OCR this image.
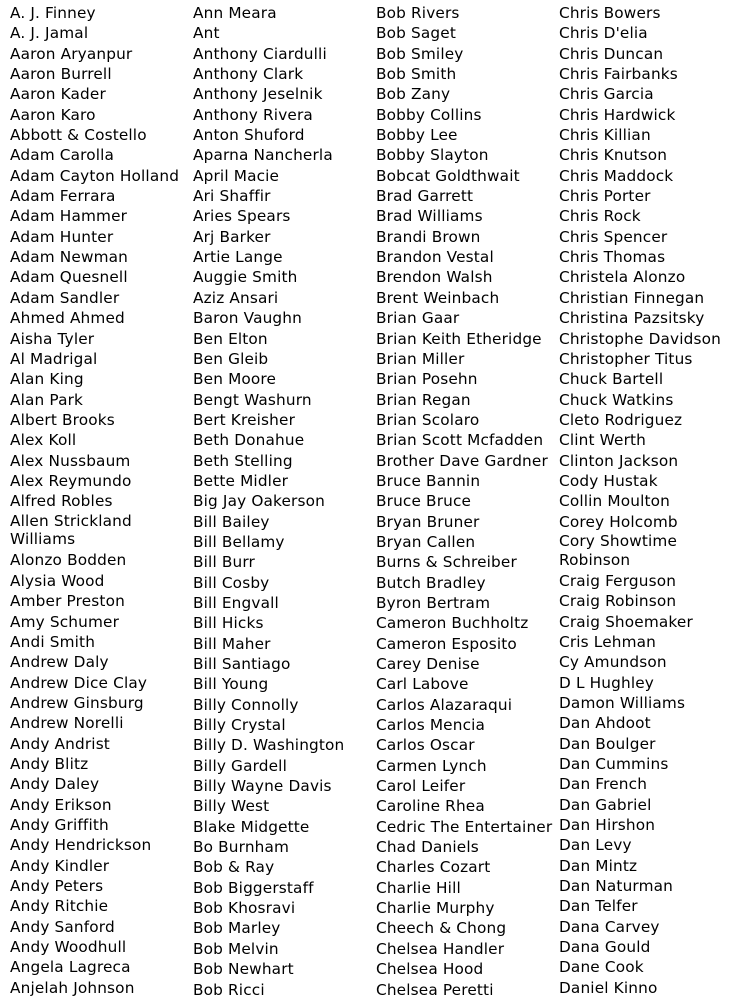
A. J. Finney
A. J. Jamal
Aaron Aryanpur
Aaron Burrell
Aaron Kader
Aaron Karo
Abbott & Costello
Adam Carolla
Adam Cayton Holland
Adam Ferrara
Adam Hammer
Adam Hunter
Adam Newman
Adam Quesnell
Adam Sandler
Ahmed Ahmed
Aisha Tyler
Al Madrigal
Alan King
Alan Park
Albert Brooks
Alex Koll
Alex Nussbaum
Alex Reymundo
Alfred Robles
Allen Strickland Williams
Alonzo Bodden
Alysia Wood
Amber Preston
Amy Schumer
Andi Smith
Andrew Daly
Andrew Dice Clay
Andrew Ginsburg
Andrew Norelli
Andy Andrist
Andy Blitz
Andy Daley
Andy Erikson
Andy Griffith
Andy Hendrickson
Andy Kindler
Andy Peters
Andy Ritchie
Andy Sanford
Andy Woodhull
Angela Lagreca
Anjelah Johnson
Ann Meara
Ant
Anthony Ciardulli
Anthony Clark
Anthony Jeselnik
Anthony Rivera
Anton Shuford
Aparna Nancherla
April Macie
Ari Shaffir
Aries Spears
Arj Barker
Artie Lange
Auggie Smith
Aziz Ansari
Baron Vaughn
Ben Elton
Ben Gleib
Ben Moore
Bengt Washurn
Bert Kreisher
Beth Donahue
Beth Stelling
Bette Midler
Big Jay Oakerson
Bill Bailey
Bill Bellamy
Bill Burr
Bill Cosby
Bill Engvall
Bill Hicks
Bill Maher
Bill Santiago
Bill Young
Billy Connolly
Billy Crystal
Billy D. Washington
Billy Gardell
Billy Wayne Davis
Billy West
Blake Midgette
Bo Burnham
Bob & Ray
Bob Biggerstaff
Bob Khosravi
Bob Marley
Bob Melvin
Bob Newhart
Bob Ricci
Bob Rivers
Bob Saget
Bob Smiley
Bob Smith
Bob Zany
Bobby Collins
Bobby Lee
Bobby Slayton
Bobcat Goldthwait
Brad Garrett
Brad Williams
Brandi Brown
Brandon Vestal
Brendon Walsh
Brent Weinbach
Brian Gaar
Brian Keith Etheridge
Brian Miller
Brian Posehn
Brian Regan
Brian Scolaro
Brian Scott Mcfadden
Brother Dave Gardner
Bruce Bannin
Bruce Bruce
Bryan Bruner
Bryan Callen
Burns & Schreiber
Butch Bradley
Byron Bertram
Cameron Buchholtz
Cameron Esposito
Carey Denise
Carl Labove
Carlos Alazaraqui
Carlos Mencia
Carlos Oscar
Carmen Lynch
Carol Leifer
Caroline Rhea
Cedric The Entertainer
Chad Daniels
Charles Cozart
Charlie Hill
Charlie Murphy
Cheech & Chong
Chelsea Handler
Chelsea Hood
Chelsea Peretti
Chris Bowers
Chris D'elia
Chris Duncan
Chris Fairbanks
Chris Garcia
Chris Hardwick
Chris Killian
Chris Knutson
Chris Maddock
Chris Porter
Chris Rock
Chris Spencer
Chris Thomas
Christela Alonzo
Christian Finnegan
Christina Pazsitsky
Christophe Davidson
Christopher Titus
Chuck Bartell
Chuck Watkins
Cleto Rodriguez
Clint Werth
Clinton Jackson
Cody Hustak
Collin Moulton
Corey Holcomb
Cory Showtime Robinson
Craig Ferguson
Craig Robinson
Craig Shoemaker
Cris Lehman
Cy Amundson
D L Hughley
Damon Williams
Dan Ahdoot
Dan Boulger
Dan Cummins
Dan French
Dan Gabriel
Dan Hirshon
Dan Levy
Dan Mintz
Dan Naturman
Dan Telfer
Dana Carvey
Dana Gould
Dane Cook
Daniel Kinno
